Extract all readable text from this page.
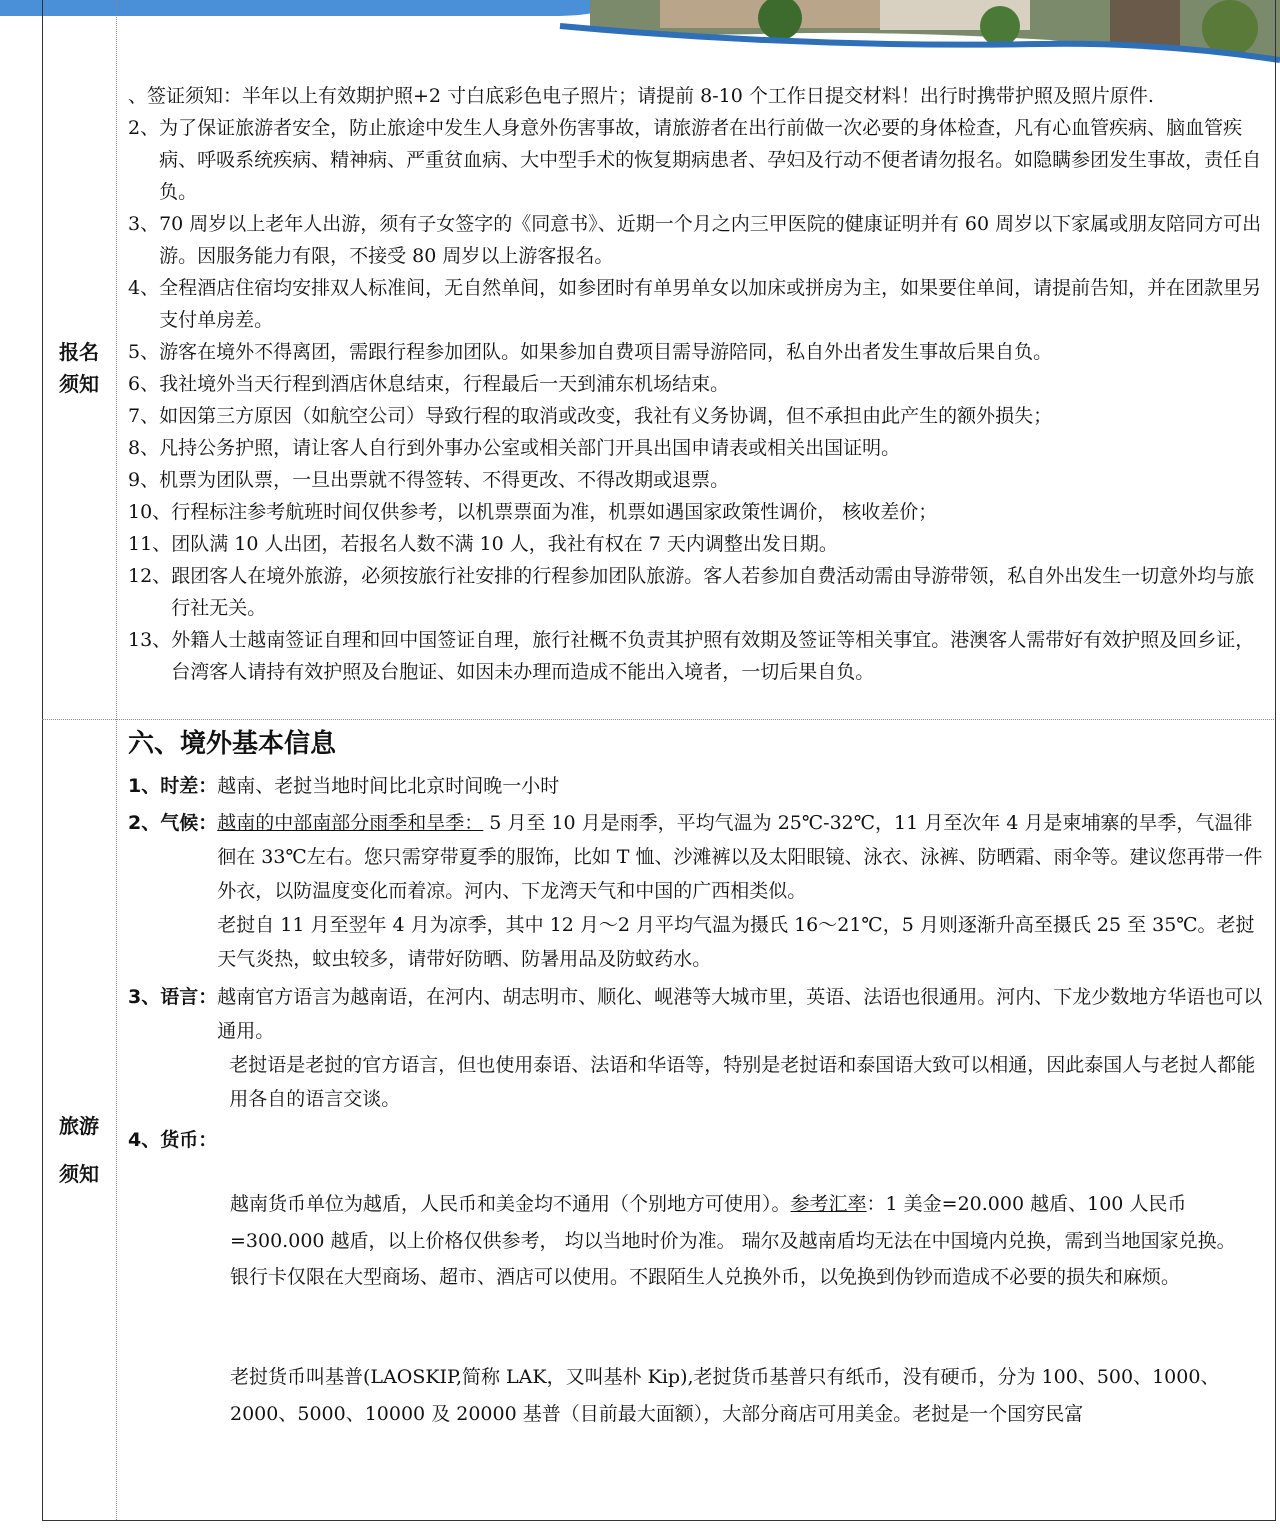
报名
须知
、 签证须知：半年以上有效期护照+2 寸白底彩色电子照片；请提前 8-10 个工作日提交材料！出行时携带护照及照片原件.
2、 为了保证旅游者安全，防止旅途中发生人身意外伤害事故，请旅游者在出行前做一次必要的身体检查，凡有心血管疾病、脑血管疾病、呼吸系统疾病、精神病、严重贫血病、大中型手术的恢复期病患者、孕妇及行动不便者请勿报名。如隐瞒参团发生事故，责任自负。
3、 70 周岁以上老年人出游，须有子女签字的《同意书》、近期一个月之内三甲医院的健康证明并有 60 周岁以下家属或朋友陪同方可出游。因服务能力有限，不接受 80 周岁以上游客报名。
4、 全程酒店住宿均安排双人标准间，无自然单间，如参团时有单男单女以加床或拼房为主，如果要住单间，请提前告知，并在团款里另支付单房差。
5、 游客在境外不得离团，需跟行程参加团队。如果参加自费项目需导游陪同，私自外出者发生事故后果自负。
6、 我社境外当天行程到酒店休息结束，行程最后一天到浦东机场结束。
7、 如因第三方原因（如航空公司）导致行程的取消或改变，我社有义务协调，但不承担由此产生的额外损失；
8、 凡持公务护照，请让客人自行到外事办公室或相关部门开具出国申请表或相关出国证明。
9、 机票为团队票，一旦出票就不得签转、不得更改、不得改期或退票。
10、 行程标注参考航班时间仅供参考，以机票票面为准，机票如遇国家政策性调价， 核收差价；
11、 团队满 10 人出团，若报名人数不满 10 人，我社有权在 7 天内调整出发日期。
12、 跟团客人在境外旅游，必须按旅行社安排的行程参加团队旅游。客人若参加自费活动需由导游带领，私自外出发生一切意外均与旅行社无关。
13、 外籍人士越南签证自理和回中国签证自理，旅行社概不负责其护照有效期及签证等相关事宜。港澳客人需带好有效护照及回乡证，台湾客人请持有效护照及台胞证、如因未办理而造成不能出入境者，一切后果自负。
旅游
须知
六、境外基本信息
1、时差： 越南、老挝当地时间比北京时间晚一小时
2、气候： 越南的中部南部分雨季和旱季： 5 月至 10 月是雨季，平均气温为 25℃-32℃，11 月至次年 4 月是柬埔寨的旱季，气温徘徊在 33℃左右。您只需穿带夏季的服饰，比如 T 恤、沙滩裤以及太阳眼镜、泳衣、泳裤、防晒霜、雨伞等。建议您再带一件外衣，以防温度变化而着凉。河内、下龙湾天气和中国的广西相类似。

老挝自 11 月至翌年 4 月为凉季，其中 12 月～2 月平均气温为摄氏 16～21℃，5 月则逐渐升高至摄氏 25 至 35℃。老挝天气炎热，蚊虫较多，请带好防晒、防暑用品及防蚊药水。

3、语言： 越南官方语言为越南语，在河内、胡志明市、顺化、岘港等大城市里，英语、法语也很通用。河内、下龙少数地方华语也可以通用。

老挝语是老挝的官方语言，但也使用泰语、法语和华语等，特别是老挝语和泰国语大致可以相通，因此泰国人与老挝人都能用各自的语言交谈。

4、货币：

越南货币单位为越盾，人民币和美金均不通用（个别地方可使用）。参考汇率：1 美金=20.000 越盾、100 人民币=300.000 越盾，以上价格仅供参考， 均以当地时价为准。 瑞尔及越南盾均无法在中国境内兑换，需到当地国家兑换。

银行卡仅限在大型商场、超市、酒店可以使用。不跟陌生人兑换外币，以免换到伪钞而造成不必要的损失和麻烦。

老挝货币叫基普(LAOSKIP,简称 LAK，又叫基朴 Kip),老挝货币基普只有纸币，没有硬币，分为 100、500、1000、2000、5000、10000 及 20000 基普（目前最大面额），大部分商店可用美金。老挝是一个国穷民富
